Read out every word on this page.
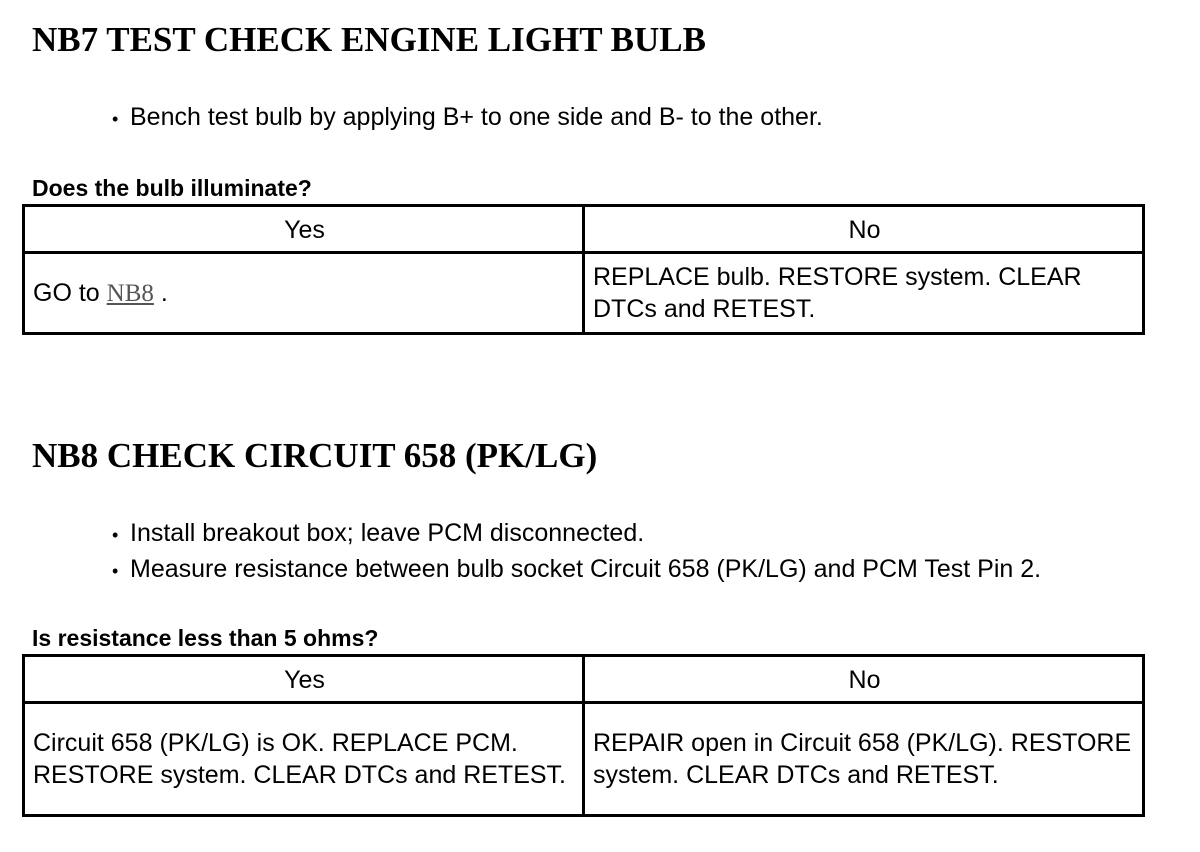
NB7 TEST CHECK ENGINE LIGHT BULB
• Bench test bulb by applying B+ to one side and B- to the other.

Does the bulb illuminate?

Yes	No
GO to NB8 .	REPLACE bulb. RESTORE system. CLEAR DTCs and RETEST.
NB8 CHECK CIRCUIT 658 (PK/LG)
• Install breakout box; leave PCM disconnected.
• Measure resistance between bulb socket Circuit 658 (PK/LG) and PCM Test Pin 2.

Is resistance less than 5 ohms?

Yes	No
Circuit 658 (PK/LG) is OK. REPLACE PCM. RESTORE system. CLEAR DTCs and RETEST.	REPAIR open in Circuit 658 (PK/LG). RESTORE system. CLEAR DTCs and RETEST.
